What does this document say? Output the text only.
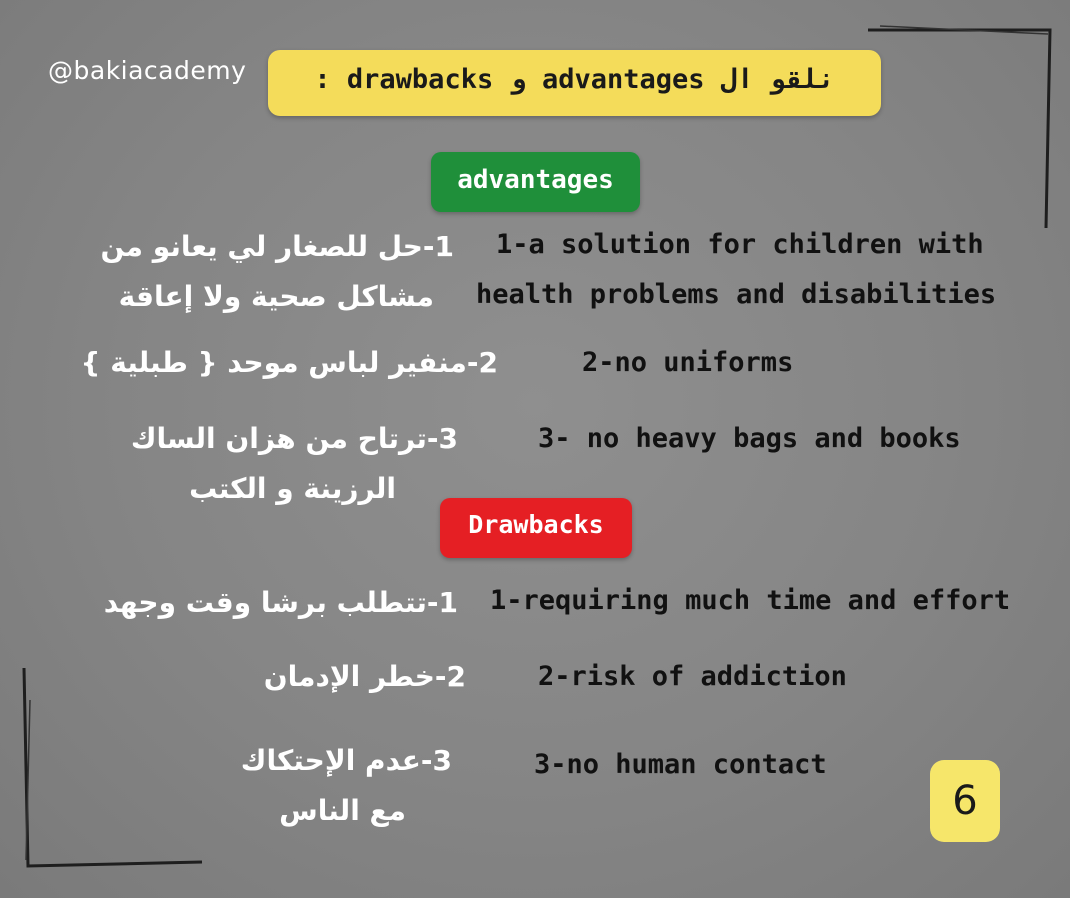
@bakiacademy	نلقو ال advantages و drawbacks :
advantages
1-حل للصغار لي يعانو من
مشاكل صحية ولا إعاقة
1-a solution for children with
health problems and disabilities
2-منفير لباس موحد { طبلية }	2-no uniforms
3-ترتاح من هزان الساك
الرزينة و الكتب
3- no heavy bags and books
Drawbacks
1-تتطلب برشا وقت وجهد 1-requiring much time and effort
2-خطر الإدمان	2-risk of addiction
3-عدم الإحتكاك
مع الناس
3-no human contact
6
